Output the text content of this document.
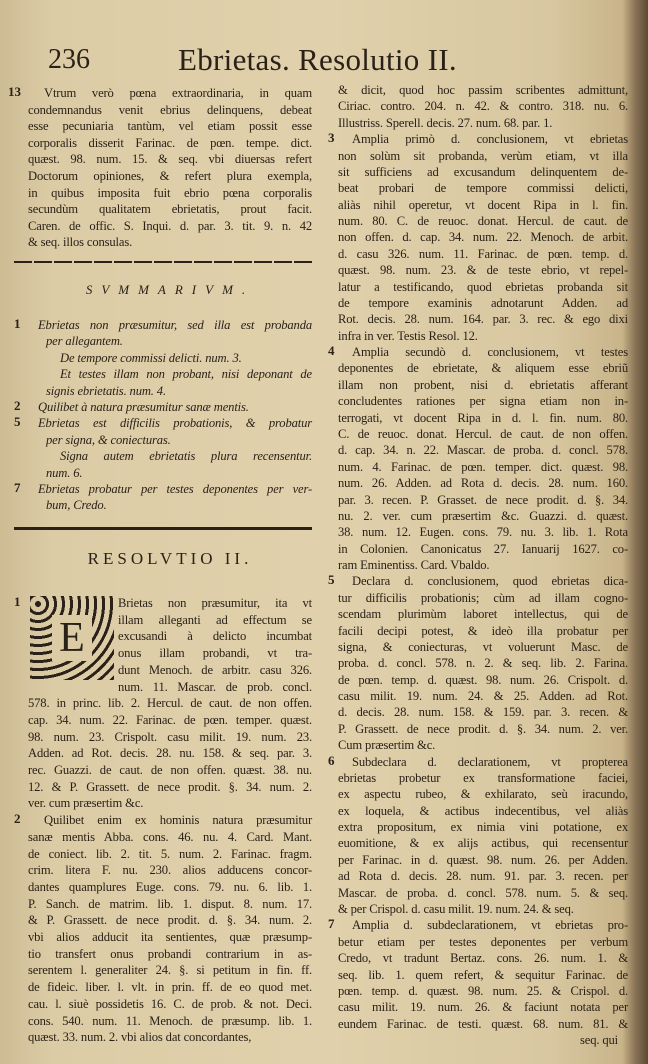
236	Ebrietas. Resolutio II.
13 Vtrum verò pœna extraordinaria, in quam
condemnandus venit ebrius delinquens, debeat
esse pecuniaria tantùm, vel etiam possit esse
corporalis disserit Farinac. de pœn. tempe. dict.
quæst. 98. num. 15. & seq. vbi diuersas refert
Doctorum opiniones, & refert plura exempla,
in quibus imposita fuit ebrio pœna corporalis
secundùm qualitatem ebrietatis, prout facit.
Caren. de offic. S. Inqui. d. par. 3. tit. 9. n. 42
& seq. illos consulas.
SVMMARIVM.
1 Ebrietas non præsumitur, sed illa est probanda
per allegantem.
De tempore commissi delicti. num. 3.
Et testes illam non probant, nisi deponant de
signis ebrietatis. num. 4.
2 Quilibet à natura præsumitur sanæ mentis.
5 Ebrietas est difficilis probationis, & probatur
per signa, & coniecturas.
Signa autem ebrietatis plura recensentur.
num. 6.
7 Ebrietas probatur per testes deponentes per ver-
bum, Credo.
RESOLVTIO II.
E
1	Brietas non præsumitur, ita vt
illam alleganti ad effectum se
excusandi à delicto incumbat
onus illam probandi, vt tra-
dunt Menoch. de arbitr. casu 326.
num. 11. Mascar. de prob. concl.
578. in princ. lib. 2. Hercul. de caut. de non offen.
cap. 34. num. 22. Farinac. de pœn. temper. quæst.
98. num. 23. Crispolt. casu milit. 19. num. 23.
Adden. ad Rot. decis. 28. nu. 158. & seq. par. 3.
rec. Guazzi. de caut. de non offen. quæst. 38. nu.
12. & P. Grassett. de nece prodit. §. 34. num. 2.
ver. cum præsertim &c.
2 Quilibet enim ex hominis natura præsumitur
sanæ mentis Abba. cons. 46. nu. 4. Card. Mant.
de coniect. lib. 2. tit. 5. num. 2. Farinac. fragm.
crim. litera F. nu. 230. alios adducens concor-
dantes quamplures Euge. cons. 79. nu. 6. lib. 1.
P. Sanch. de matrim. lib. 1. disput. 8. num. 17.
& P. Grassett. de nece prodit. d. §. 34. num. 2.
vbi alios adducit ita sentientes, quæ præsump-
tio transfert onus probandi contrarium in as-
serentem l. generaliter 24. §. si petitum in fin. ff.
de fideic. liber. l. vlt. in prin. ff. de eo quod met.
cau. l. siuè possidetis 16. C. de prob. & not. Deci.
cons. 540. num. 11. Menoch. de præsump. lib. 1.
quæst. 33. num. 2. vbi alios dat concordantes,
& dicit, quod hoc passim scribentes admittunt,
Ciriac. contro. 204. n. 42. & contro. 318. nu. 6.
Illustriss. Sperell. decis. 27. num. 68. par. 1.
3 Amplia primò d. conclusionem, vt ebrietas
non solùm sit probanda, verùm etiam, vt illa
sit sufficiens ad excusandum delinquentem de-
beat probari de tempore commissi delicti,
aliàs nihil operetur, vt docent Ripa in l. fin.
num. 80. C. de reuoc. donat. Hercul. de caut. de
non offen. d. cap. 34. num. 22. Menoch. de arbit.
d. casu 326. num. 11. Farinac. de pœn. temp. d.
quæst. 98. num. 23. & de teste ebrio, vt repel-
latur a testificando, quod ebrietas probanda sit
de tempore examinis adnotarunt Adden. ad
Rot. decis. 28. num. 164. par. 3. rec. & ego dixi
infra in ver. Testis Resol. 12.
4 Amplia secundò d. conclusionem, vt testes
deponentes de ebrietate, & aliquem esse ebriũ
illam non probent, nisi d. ebrietatis afferant
concludentes rationes per signa etiam non in-
terrogati, vt docent Ripa in d. l. fin. num. 80.
C. de reuoc. donat. Hercul. de caut. de non offen.
d. cap. 34. n. 22. Mascar. de proba. d. concl. 578.
num. 4. Farinac. de pœn. temper. dict. quæst. 98.
num. 26. Adden. ad Rota d. decis. 28. num. 160.
par. 3. recen. P. Grasset. de nece prodit. d. §. 34.
nu. 2. ver. cum præsertim &c. Guazzi. d. quæst.
38. num. 12. Eugen. cons. 79. nu. 3. lib. 1. Rota
in Colonien. Canonicatus 27. Ianuarij 1627. co-
ram Eminentiss. Card. Vbaldo.
5 Declara d. conclusionem, quod ebrietas dica-
tur difficilis probationis; cùm ad illam cogno-
scendam plurimùm laboret intellectus, qui de
facili decipi potest, & ideò illa probatur per
signa, & coniecturas, vt voluerunt Masc. de
proba. d. concl. 578. n. 2. & seq. lib. 2. Farina.
de pœn. temp. d. quæst. 98. num. 26. Crispolt. d.
casu milit. 19. num. 24. & 25. Adden. ad Rot.
d. decis. 28. num. 158. & 159. par. 3. recen. &
P. Grassett. de nece prodit. d. §. 34. num. 2. ver.
Cum præsertim &c.
6 Subdeclara d. declarationem, vt propterea
ebrietas probetur ex transformatione faciei,
ex aspectu rubeo, & exhilarato, seù iracundo,
ex loquela, & actibus indecentibus, vel aliàs
extra propositum, ex nimia vini potatione, ex
euomitione, & ex alijs actibus, qui recensentur
per Farinac. in d. quæst. 98. num. 26. per Adden.
ad Rota d. decis. 28. num. 91. par. 3. recen. per
Mascar. de proba. d. concl. 578. num. 5. & seq.
& per Crispol. d. casu milit. 19. num. 24. & seq.
7 Amplia d. subdeclarationem, vt ebrietas pro-
betur etiam per testes deponentes per verbum
Credo, vt tradunt Bertaz. cons. 26. num. 1. &
seq. lib. 1. quem refert, & sequitur Farinac. de
pœn. temp. d. quæst. 98. num. 25. & Crispol. d.
casu milit. 19. num. 26. & faciunt notata per
eundem Farinac. de testi. quæst. 68. num. 81. &
seq. qui
